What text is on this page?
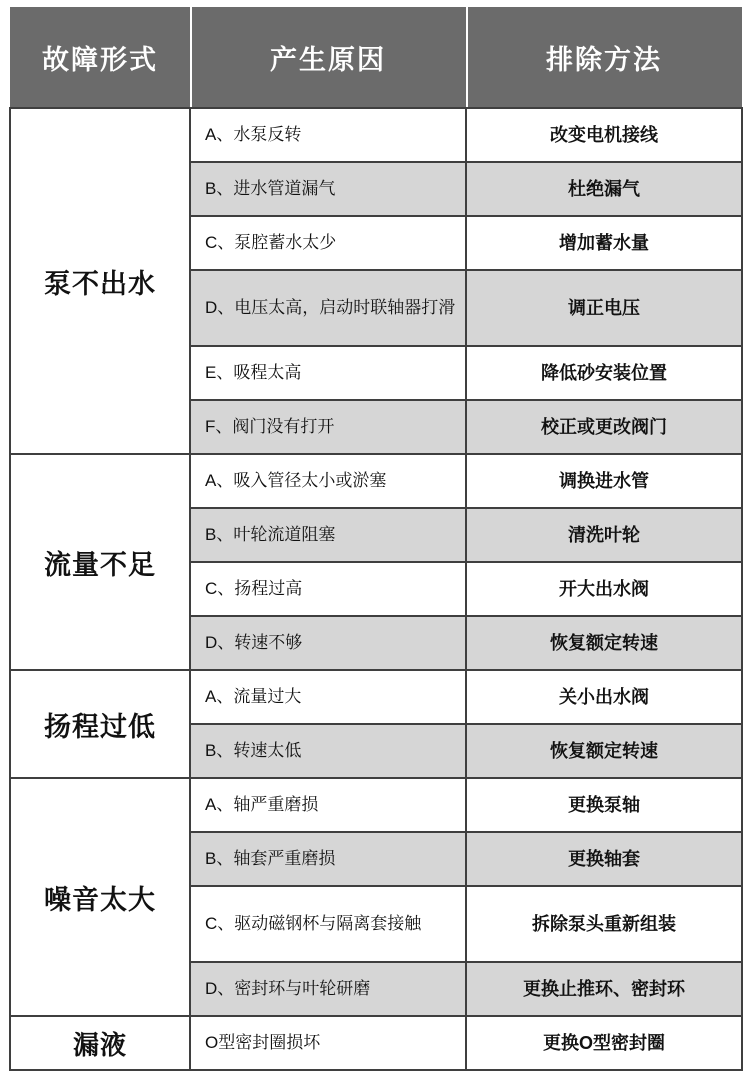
故障形式	产生原因	排除方法
泵不出水	A、水泵反转	改变电机接线
	B、进水管道漏气	杜绝漏气
	C、泵腔蓄水太少	增加蓄水量
	D、电压太高，启动时联轴器打滑	调正电压
	E、吸程太高	降低砂安装位置
	F、阀门没有打开	校正或更改阀门
流量不足	A、吸入管径太小或淤塞	调换进水管
	B、叶轮流道阻塞	清洗叶轮
	C、扬程过高	开大出水阀
	D、转速不够	恢复额定转速
扬程过低	A、流量过大	关小出水阀
	B、转速太低	恢复额定转速
噪音太大	A、轴严重磨损	更换泵轴
	B、轴套严重磨损	更换轴套
	C、驱动磁钢杯与隔离套接触	拆除泵头重新组装
	D、密封环与叶轮研磨	更换止推环、密封环
漏液	O型密封圈损坏	更换O型密封圈
